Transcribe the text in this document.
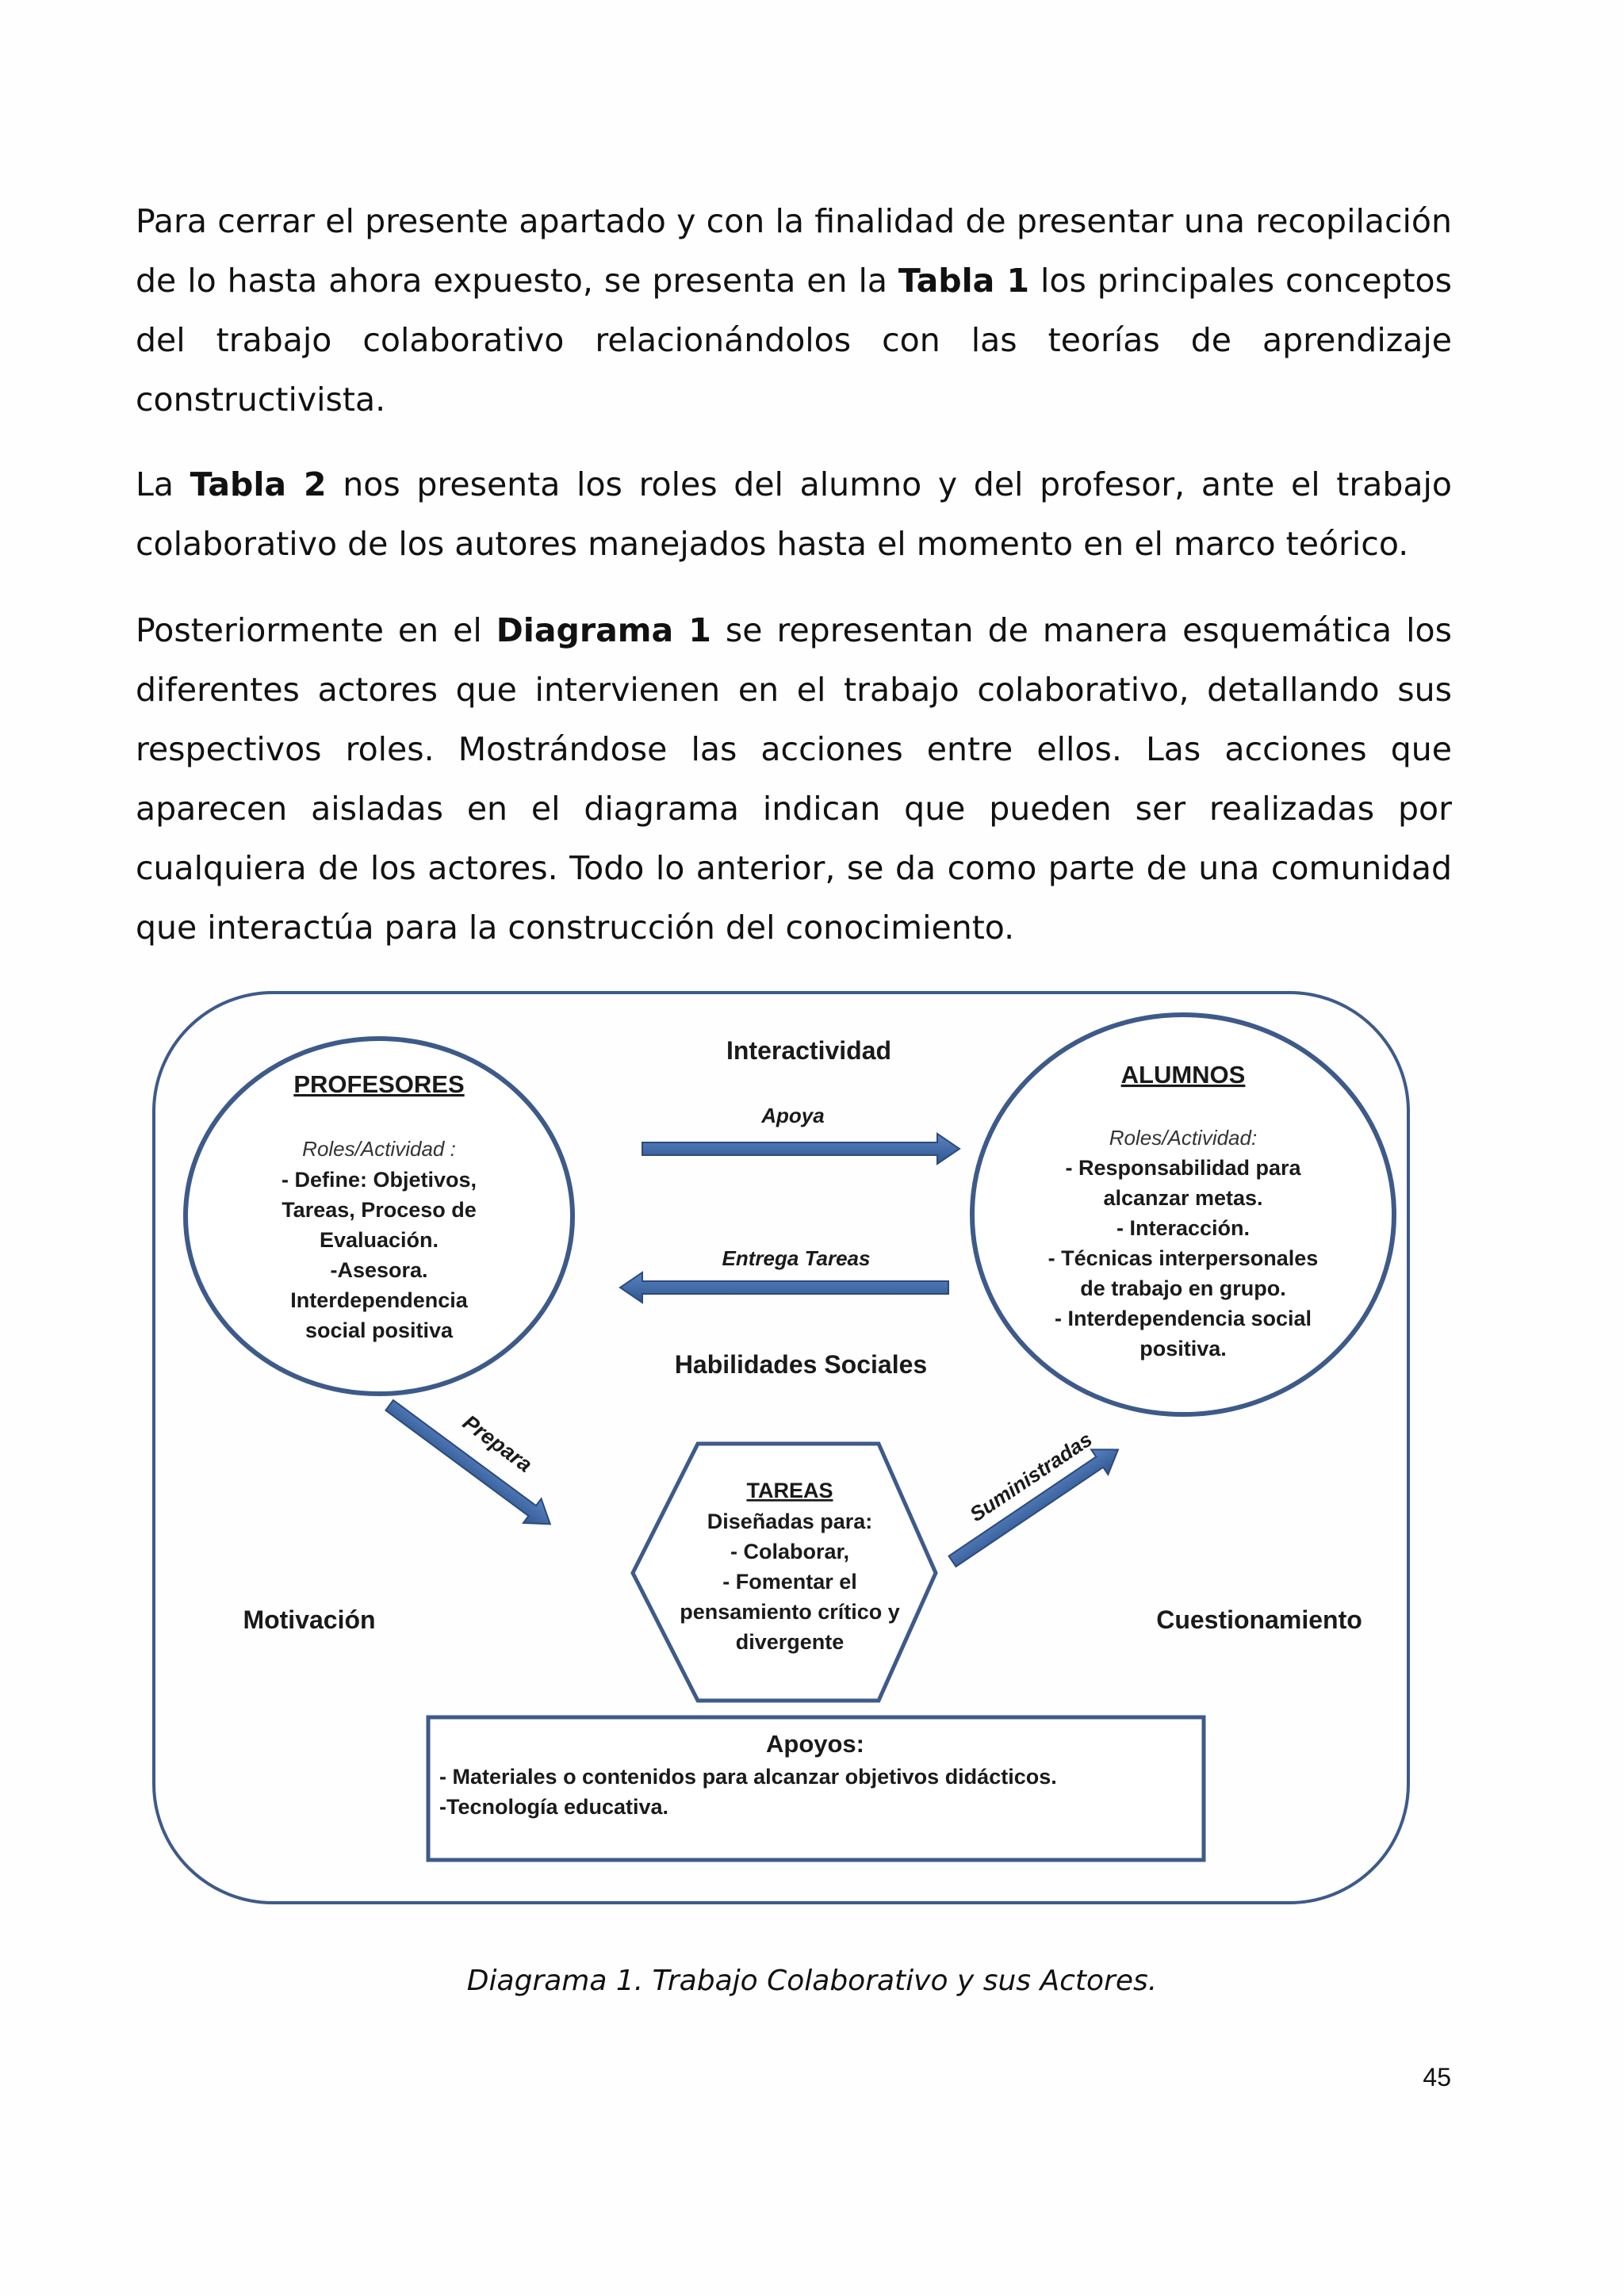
Para cerrar el presente apartado y con la finalidad de presentar una recopilación de lo hasta ahora expuesto, se presenta en la Tabla 1 los principales conceptos del trabajo colaborativo relacionándolos con las teorías de aprendizaje constructivista.

La Tabla 2 nos presenta los roles del alumno y del profesor, ante el trabajo colaborativo de los autores manejados hasta el momento en el marco teórico.

Posteriormente en el Diagrama 1 se representan de manera esquemática los diferentes actores que intervienen en el trabajo colaborativo, detallando sus respectivos roles. Mostrándose las acciones entre ellos. Las acciones que aparecen aisladas en el diagrama indican que pueden ser realizadas por cualquiera de los actores. Todo lo anterior, se da como parte de una comunidad que interactúa para la construcción del conocimiento.

PROFESORES
Roles/Actividad :
- Define: Objetivos,
Tareas, Proceso de
Evaluación.
-Asesora.
Interdependencia
social positiva
ALUMNOS
Roles/Actividad:
- Responsabilidad para
alcanzar metas.
- Interacción.
- Técnicas interpersonales
de trabajo en grupo.
- Interdependencia social
positiva.
Interactividad
Habilidades Sociales
Motivación	Cuestionamiento
Apoya
Entrega Tareas
Prepara	Suministradas
TAREAS
Diseñadas para:
- Colaborar,
- Fomentar el
pensamiento crítico y
divergente
Apoyos:
- Materiales o contenidos para alcanzar objetivos didácticos.
-Tecnología educativa.
Diagrama 1. Trabajo Colaborativo y sus Actores.
45
